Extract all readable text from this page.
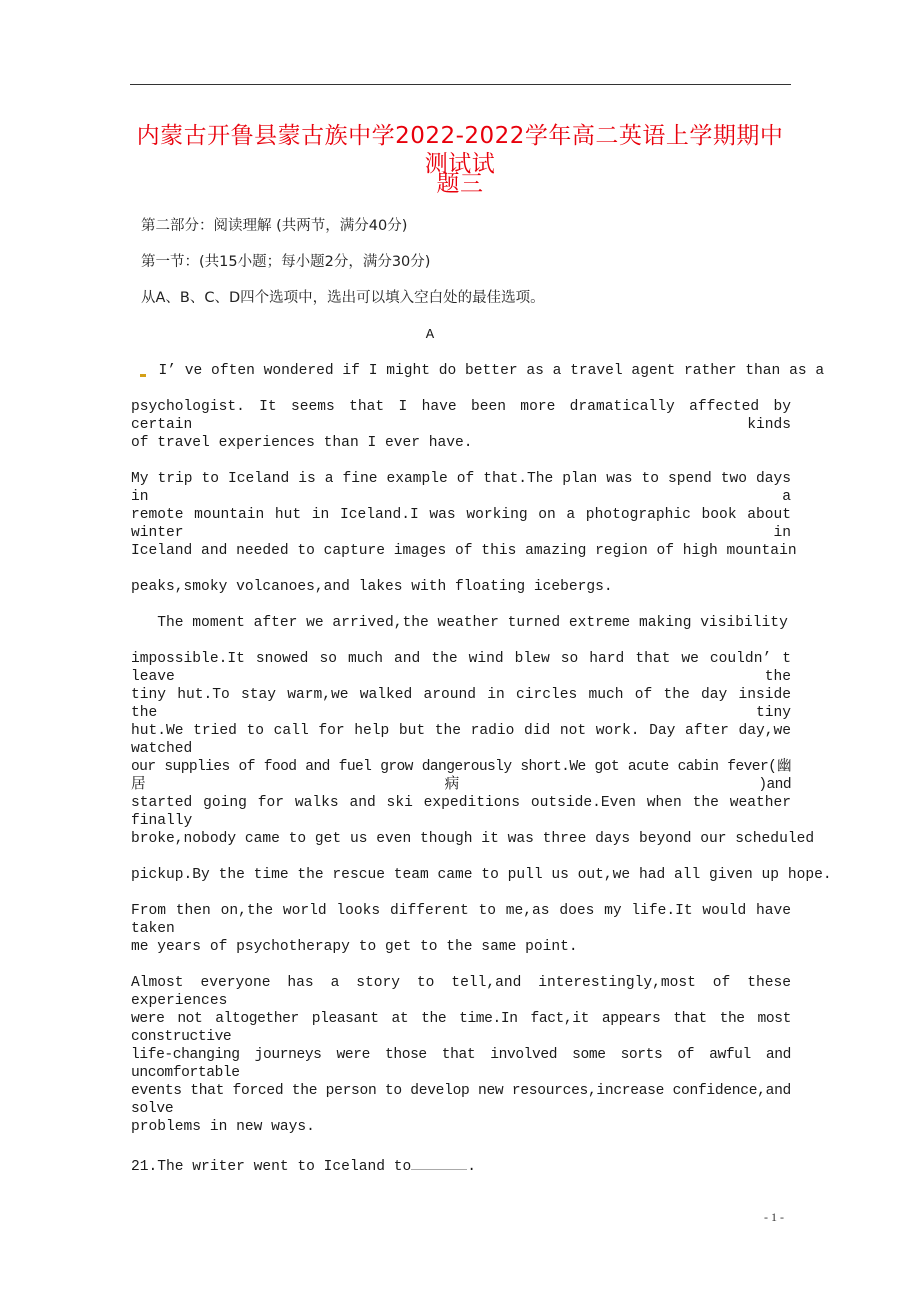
内蒙古开鲁县蒙古族中学2022-2022学年高二英语上学期期中测试试
题三
第二部分：阅读理解 (共两节，满分40分)
第一节：(共15小题；每小题2分，满分30分)
从A、B、C、D四个选项中，选出可以填入空白处的最佳选项。
A
I’ ve often wondered if I might do better as a travel agent rather than as a
psychologist. It seems that I have been more dramatically affected by certain kinds
of travel experiences than I ever have.
My trip to Iceland is a fine example of that.The plan was to spend two days in a
remote mountain hut in Iceland.I was working on a photographic book about winter in
Iceland and needed to capture images of this amazing region of high mountain
peaks,smoky volcanoes,and lakes with floating icebergs.
The moment after we arrived,the weather turned extreme making visibility
impossible.It snowed so much and the wind blew so hard that we couldn’ t leave the
tiny hut.To stay warm,we walked around in circles much of the day inside the tiny
hut.We tried to call for help but the radio did not work. Day after day,we watched
our supplies of food and fuel grow dangerously short.We got acute cabin fever(幽居病)and
started going for walks and ski expeditions outside.Even when the weather finally
broke,nobody came to get us even though it was three days beyond our scheduled
pickup.By the time the rescue team came to pull us out,we had all given up hope.
From then on,the world looks different to me,as does my life.It would have taken
me years of psychotherapy to get to the same point.
Almost everyone has a story to tell,and interestingly,most of these experiences
were not altogether pleasant at the time.In fact,it appears that the most constructive
life-changing journeys were those that involved some sorts of awful and uncomfortable
events that forced the person to develop new resources,increase confidence,and solve
problems in new ways.
21.The writer went to Iceland to	.
- 1 -
